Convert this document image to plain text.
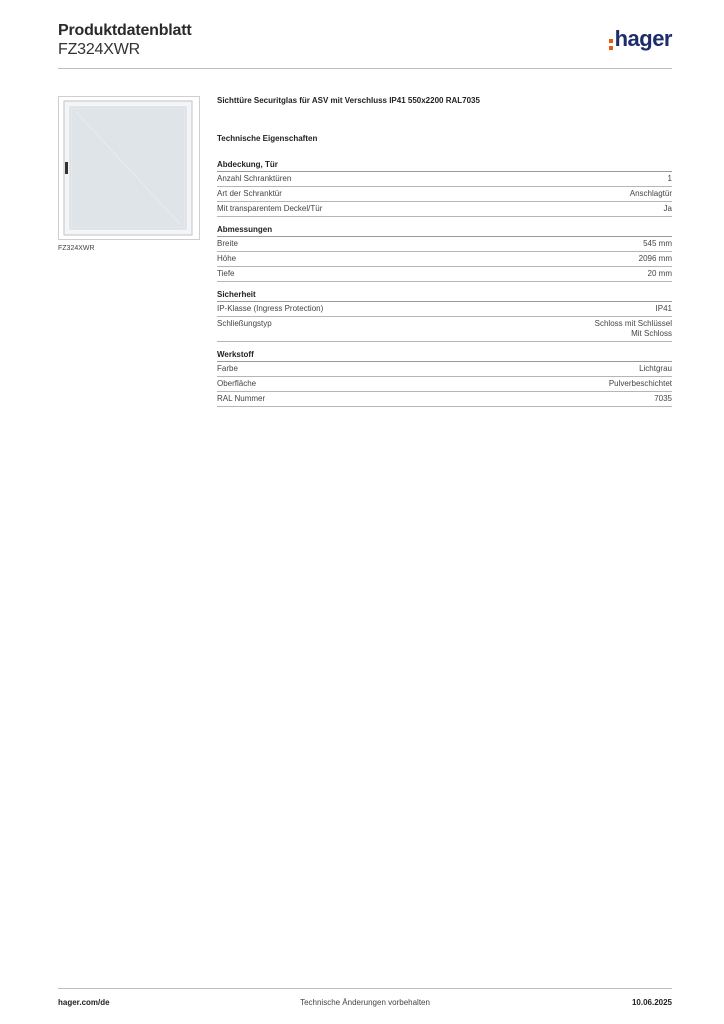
Produktdatenblatt
FZ324XWR	hager
FZ324XWR
Sichttüre Securitglas für ASV mit Verschluss IP41 550x2200 RAL7035
Technische Eigenschaften
Abdeckung, Tür
Anzahl Schranktüren	1
Art der Schranktür	Anschlagtür
Mit transparentem Deckel/Tür	Ja
Abmessungen
Breite	545 mm
Höhe	2096 mm
Tiefe	20 mm
Sicherheit
IP-Klasse (Ingress Protection)	IP41
Schließungstyp	Schloss mit Schlüssel
Mit Schloss
Werkstoff
Farbe	Lichtgrau
Oberfläche	Pulverbeschichtet
RAL Nummer	7035
hager.com/de	Technische Änderungen vorbehalten	10.06.2025
